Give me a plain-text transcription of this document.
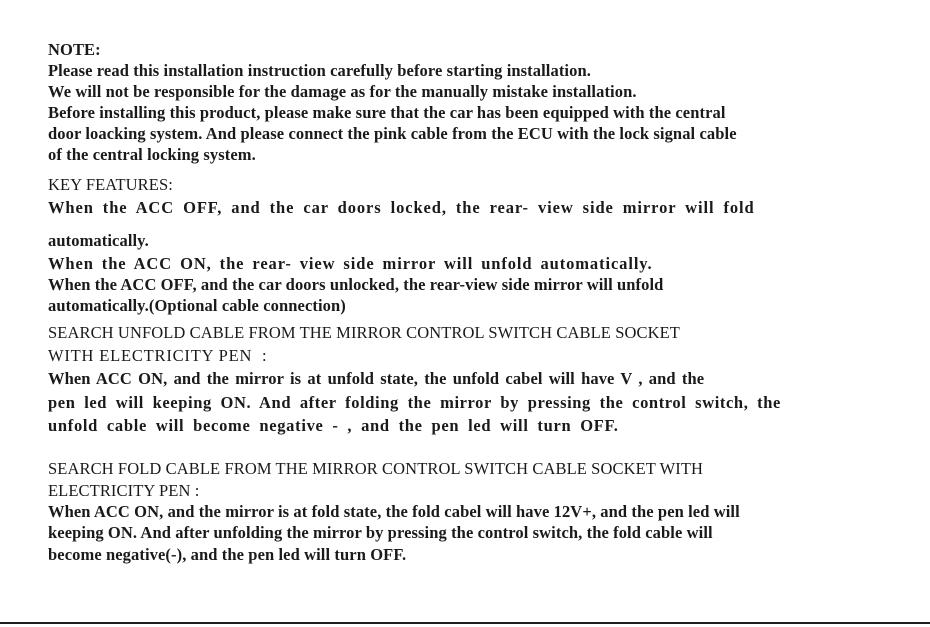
NOTE:

Please read this installation instruction carefully before starting installation.

We will not be responsible for the damage as for the manually mistake installation.

Before installing this product, please make sure that the car has been equipped with the central

door loacking system. And please connect the pink cable from the ECU with the lock signal cable

of the central locking system.

KEY FEATURES:

When the ACC OFF, and the car doors locked, the rear- view side mirror will fold

automatically.

When the ACC ON, the rear- view side mirror will unfold automatically.

When the ACC OFF, and the car doors unlocked, the rear-view side mirror will unfold

automatically.(Optional cable connection)

SEARCH UNFOLD CABLE FROM THE MIRROR CONTROL SWITCH CABLE SOCKET

WITH ELECTRICITY PEN  :

When ACC ON, and the mirror is at unfold state, the unfold cabel will have V , and the

pen led will keeping ON. And after folding the mirror by pressing the control switch, the

unfold cable will become negative - , and the pen led will turn OFF.

SEARCH FOLD CABLE FROM THE MIRROR CONTROL SWITCH CABLE SOCKET WITH

ELECTRICITY PEN :

When ACC ON, and the mirror is at fold state, the fold cabel will have 12V+, and the pen led will

keeping ON. And after unfolding the mirror by pressing the control switch, the fold cable will

become negative(-), and the pen led will turn OFF.
